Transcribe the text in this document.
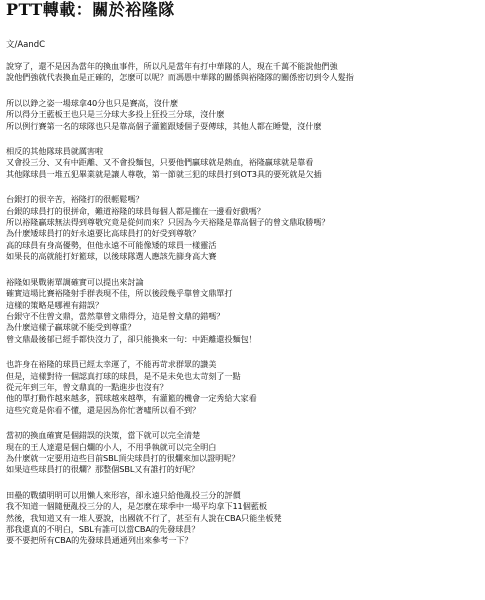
PTT轉載：關於裕隆隊
文/AandC
說穿了，還不是因為當年的換血事件，所以凡是當年有打中華隊的人，現在千萬不能說他們強
說他們強就代表換血是正確的，怎麼可以呢？而馮愚中華隊的關係與裕隆隊的關係密切到令人髮指
所以以錚之姿一場球拿40分也只是賽高，沒什麼
所以得分王藍板王也只是三分球大多投上狂投三分球，沒什麼
所以例行賽第一名的球隊也只是靠高個子灌籃跟矮個子耍傳球，其他人都在睡覺，沒什麼
相反的其他隊球員就厲害啦
又會投三分、又有中距離、又不會投麵包，只要他們贏球就是熱血，裕隆贏球就是靠看
其他隊球員一堆五犯畢業就是讓人尊敬，第一節就三犯的球員打到OT3具的要死就是欠插
台銀打的很辛苦，裕隆打的很輕鬆嗎？
台銀的球員打的很拼命，難道裕隆的球員每個人都是攏在一邊看好戲嗎？
所以裕隆贏球無法得到尊敬究竟是從何而來？只因為今天裕隆是靠高個子的曾文鼎取勝嗎？
為什麼矮球員打的好永遠要比高球員打的好受到尊敬？
高的球員有身高優勢，但他永遠不可能像矮的球員一樣靈活
如果長的高就能打好籃球，以後球隊選人應該先篩身高大賽
裕隆如果戰術單調確實可以提出來討論
確實這場比賽裕隆射手群表現不佳，所以後段幾乎靠曾文鼎單打
這樣的策略是哪裡有錯誤？
台銀守不住曾文鼎，當然靠曾文鼎得分，這是曾文鼎的錯嗎？
為什麼這樣子贏球就不能受到尊重？
曾文鼎最後郁已經手都快沒力了，卻只能換來一句：中距離還投麵包！
也許身在裕隆的球員已經太幸運了，不能再苛求群眾的讚美
但是，這樣對待一個認真打球的球員，是不是未免也太苛刻了一點
從元年到三年，曾文鼎真的一點進步也沒有？
他的單打動作越來越多，罰球越來越準，有灌籃的機會一定秀給大家看
這些究竟是你看不懂，還是因為你忙著噓所以看不到？
當初的換血確實是個錯誤的決策，當下就可以完全清楚
現在的王人達還是個白爛的小人，不用爭執就可以完全明白
為什麼就一定要用這些目前SBL頂尖球員打的很爛來加以證明呢？
如果這些球員打的很爛？那整個SBL又有誰打的好呢？
田壘的戰績明明可以用懶人來形容，卻永遠只給他亂投三分的評價
我不知道一個隨便亂投三分的人，是怎麼在球季中一場平均拿下11個藍板
然後，我知道又有一堆人要說，出國就不行了，甚至有人說在CBA只能坐板凳
那我還真的不明白，SBL有誰可以當CBA的先發球員？
要不要把所有CBA的先發球員通通列出來參考一下？
